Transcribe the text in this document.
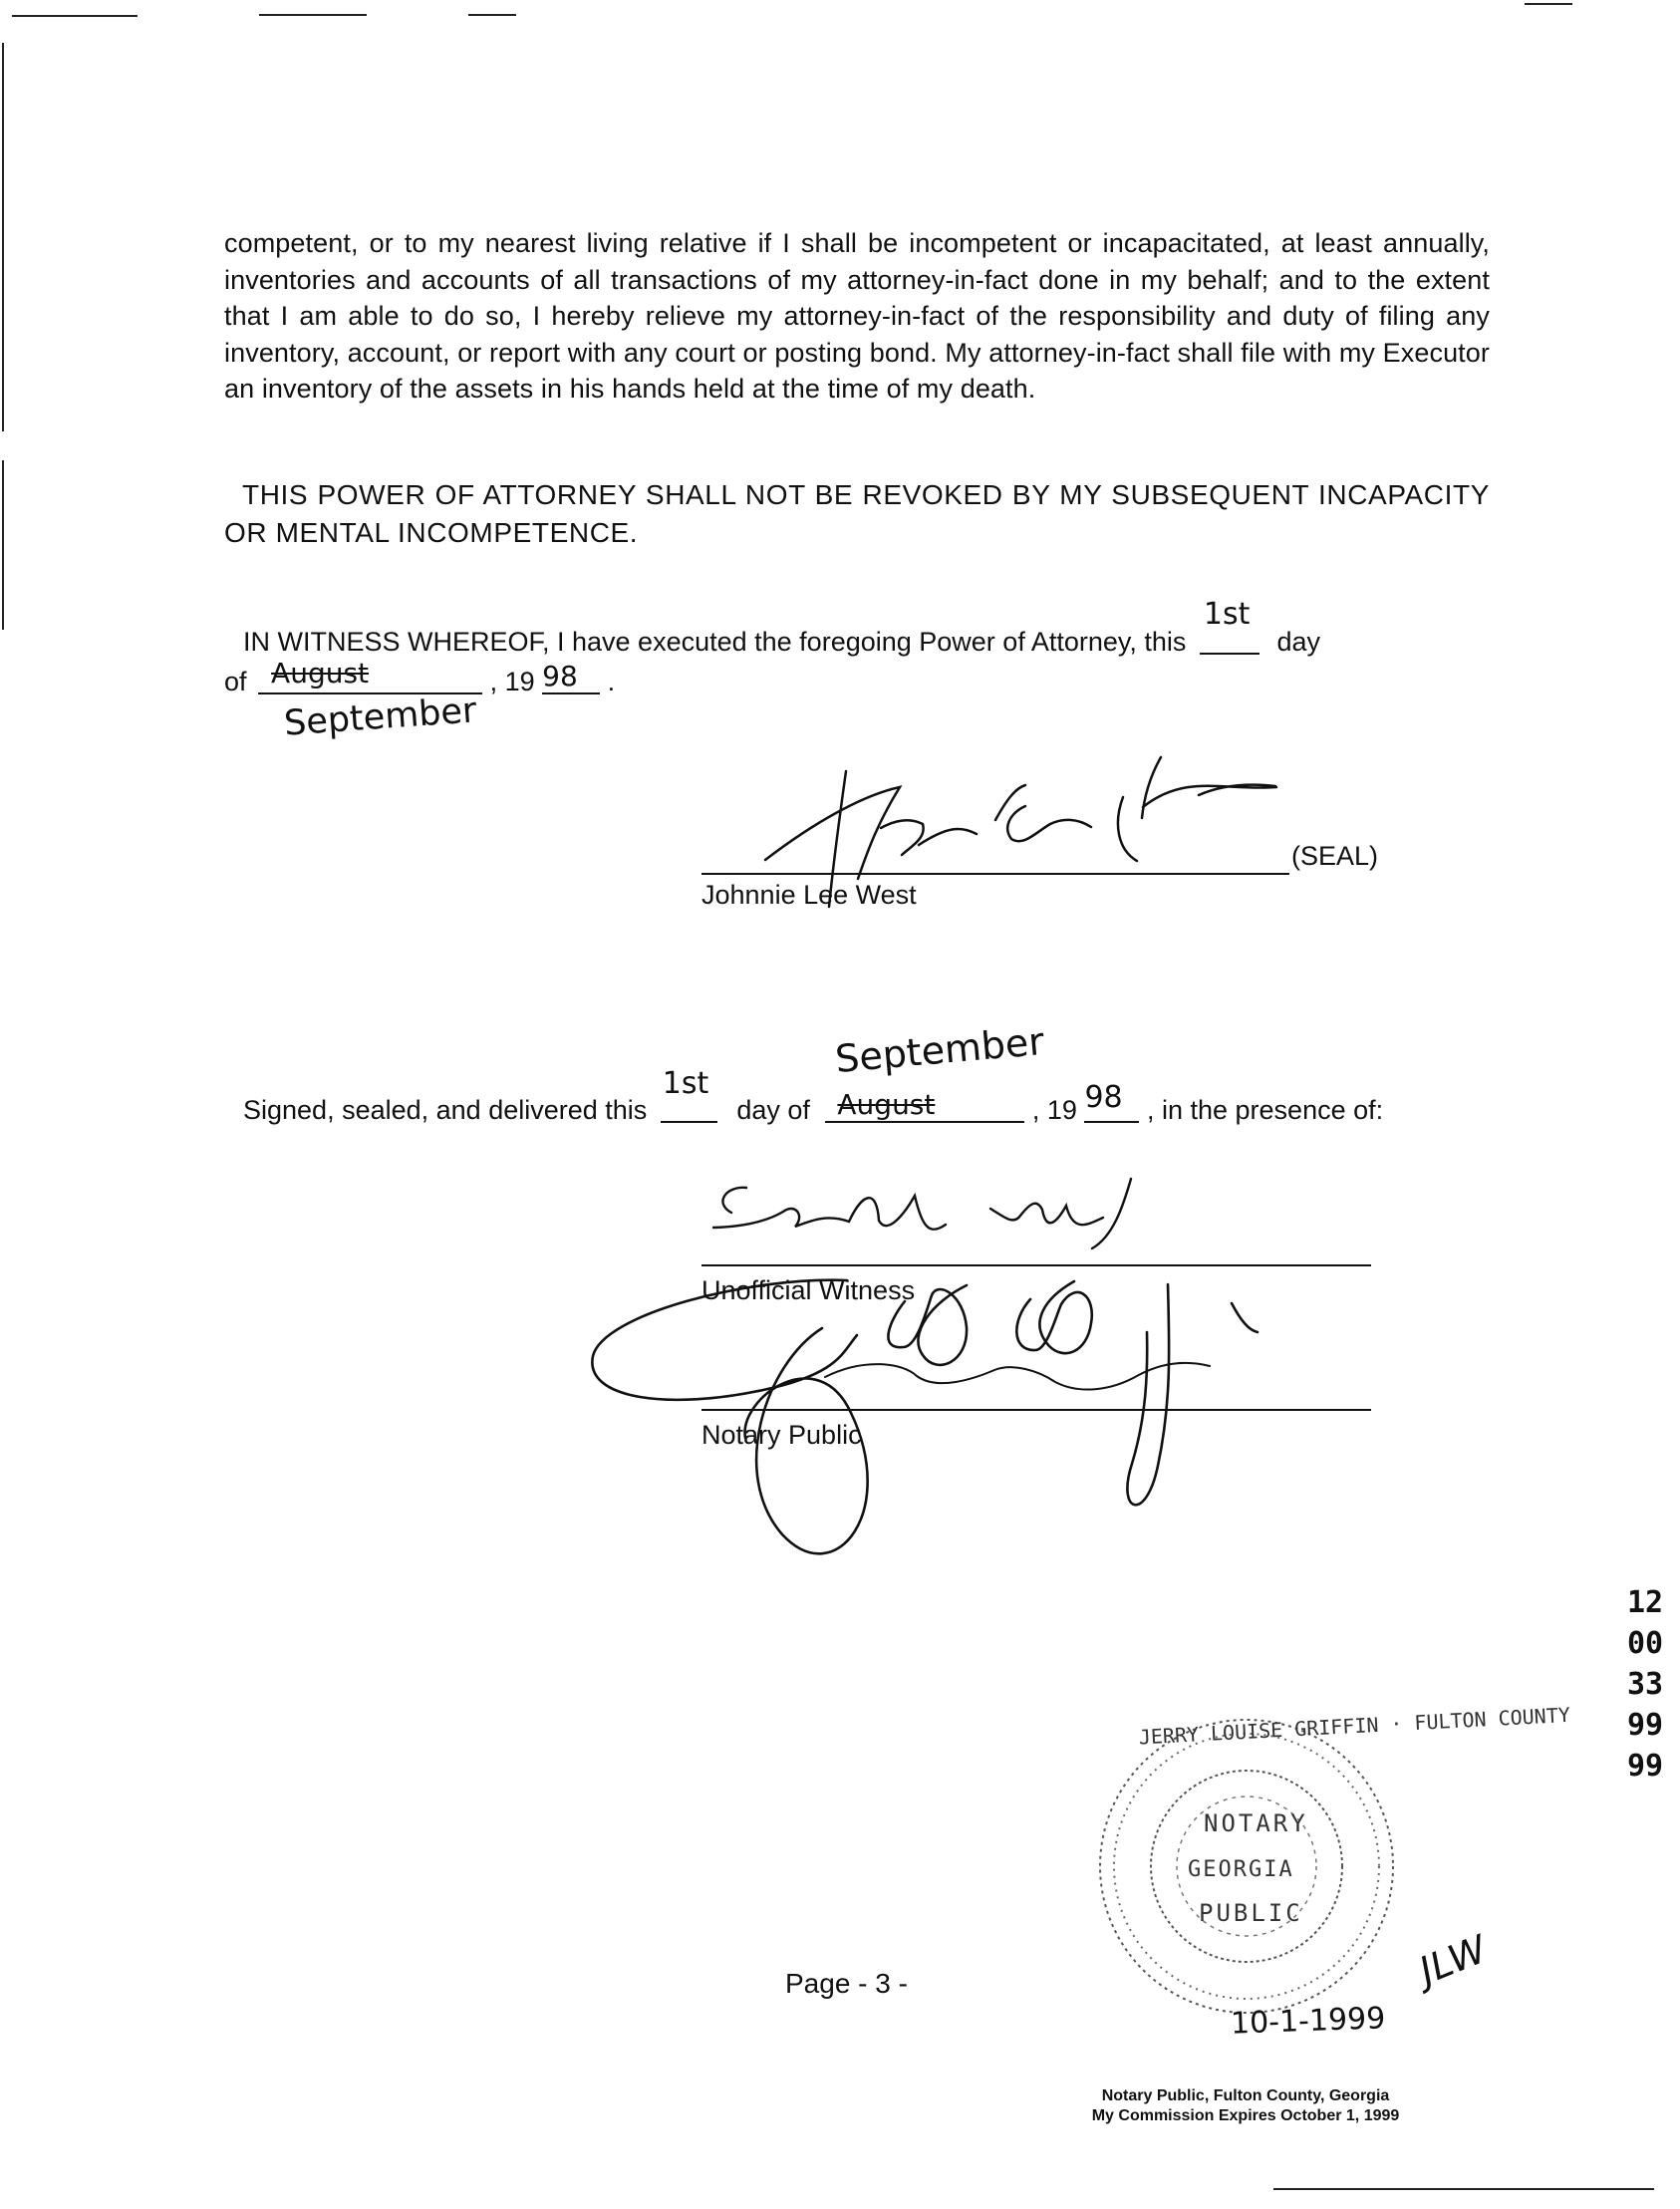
competent, or to my nearest living relative if I shall be incompetent or incapacitated, at least annually, inventories and accounts of all transactions of my attorney-in-fact done in my behalf; and to the extent that I am able to do so, I hereby relieve my attorney-in-fact of the responsibility and duty of filing any inventory, account, or report with any court or posting bond. My attorney-in-fact shall file with my Executor an inventory of the assets in his hands held at the time of my death.
THIS POWER OF ATTORNEY SHALL NOT BE REVOKED BY MY SUBSEQUENT INCAPACITY OR MENTAL INCOMPETENCE.
IN WITNESS WHEREOF, I have executed the foregoing Power of Attorney, this
1st
day
of August
September
, 19 98 .
(SEAL)
Johnnie Lee West
Signed, sealed, and delivered this
1st
day of August
September
, 19 98 , in the presence of:
Unofficial Witness
Notary Public
120033
9999
JERRY LOUISE GRIFFIN · FULTON COUNTY
NOTARY
GEORGIA
PUBLIC
Page - 3 -	JLW
Notary Public, Fulton County, Georgia
My Commission Expires October 1, 1999
10-1-1999
